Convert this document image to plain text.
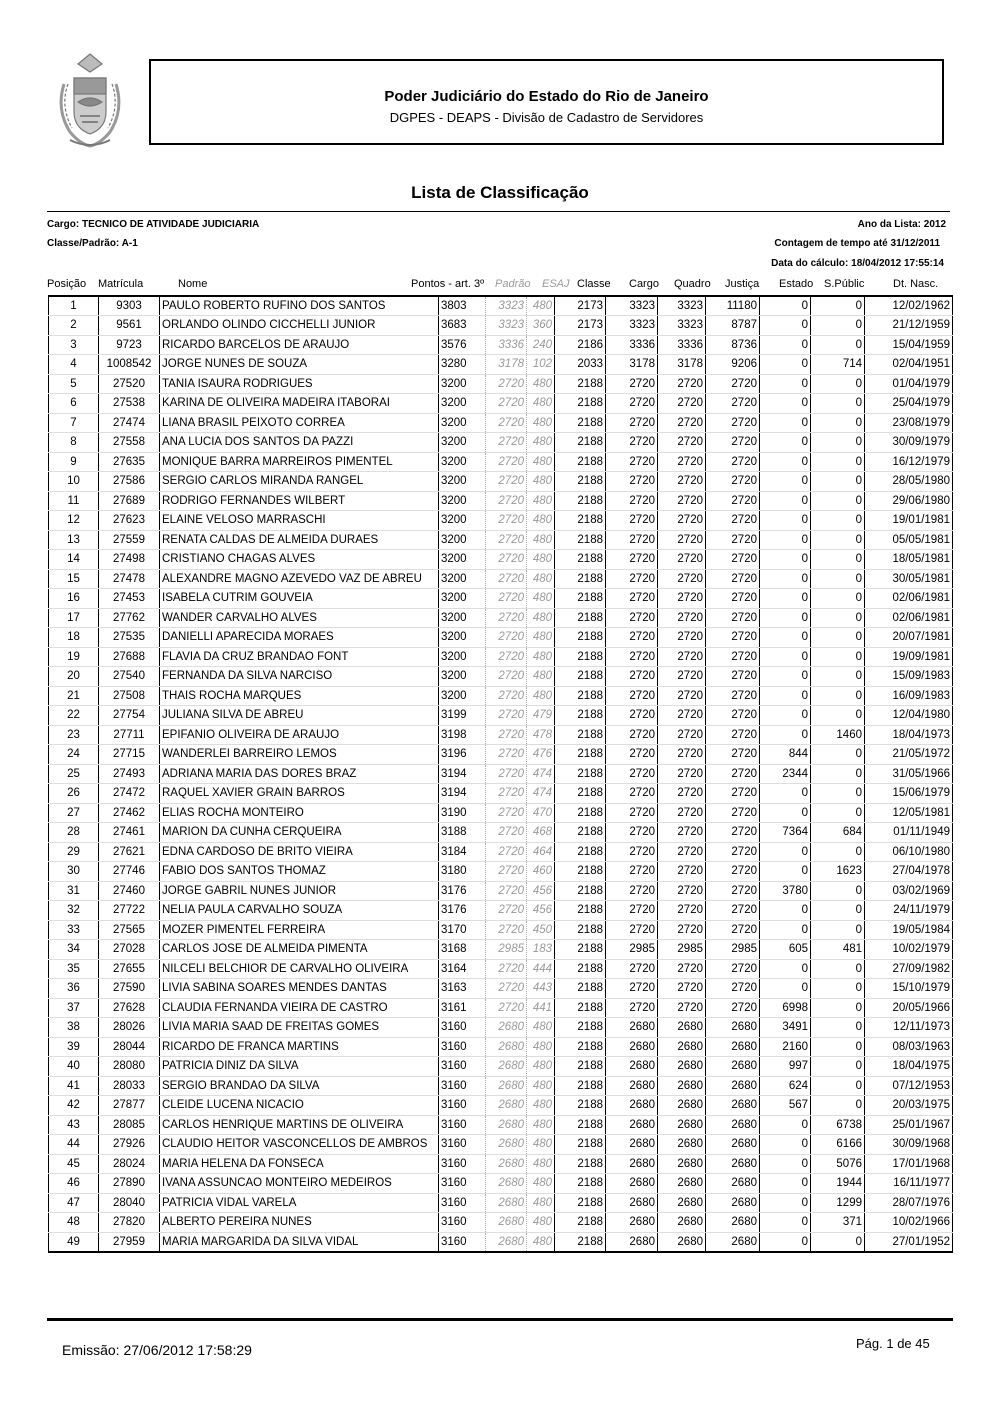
Poder Judiciário do Estado do Rio de Janeiro
DGPES - DEAPS - Divisão de Cadastro de Servidores
Lista de Classificação
Cargo: TECNICO DE ATIVIDADE JUDICIARIA
Classe/Padrão: A-1
Ano da Lista: 2012
Contagem de tempo até 31/12/2011
Data do cálculo: 18/04/2012 17:55:14
Posição Matrícula	Nome	Pontos - art. 3º Padrão ESAJ Classe Cargo Quadro Justiça Estado S.Públic	Dt. Nasc.
1	9303	PAULO ROBERTO RUFINO DOS SANTOS	3803	3323	480	2173	3323	3323	11180	0	0	12/02/1962
2	9561	ORLANDO OLINDO CICCHELLI JUNIOR	3683	3323	360	2173	3323	3323	8787	0	0	21/12/1959
3	9723	RICARDO BARCELOS DE ARAUJO	3576	3336	240	2186	3336	3336	8736	0	0	15/04/1959
4	1008542	JORGE NUNES DE SOUZA	3280	3178	102	2033	3178	3178	9206	0	714	02/04/1951
5	27520	TANIA ISAURA RODRIGUES	3200	2720	480	2188	2720	2720	2720	0	0	01/04/1979
6	27538	KARINA DE OLIVEIRA MADEIRA ITABORAI	3200	2720	480	2188	2720	2720	2720	0	0	25/04/1979
7	27474	LIANA BRASIL PEIXOTO CORREA	3200	2720	480	2188	2720	2720	2720	0	0	23/08/1979
8	27558	ANA LUCIA DOS SANTOS DA PAZZI	3200	2720	480	2188	2720	2720	2720	0	0	30/09/1979
9	27635	MONIQUE BARRA MARREIROS PIMENTEL	3200	2720	480	2188	2720	2720	2720	0	0	16/12/1979
10	27586	SERGIO CARLOS MIRANDA RANGEL	3200	2720	480	2188	2720	2720	2720	0	0	28/05/1980
11	27689	RODRIGO FERNANDES WILBERT	3200	2720	480	2188	2720	2720	2720	0	0	29/06/1980
12	27623	ELAINE VELOSO MARRASCHI	3200	2720	480	2188	2720	2720	2720	0	0	19/01/1981
13	27559	RENATA CALDAS DE ALMEIDA DURAES	3200	2720	480	2188	2720	2720	2720	0	0	05/05/1981
14	27498	CRISTIANO CHAGAS ALVES	3200	2720	480	2188	2720	2720	2720	0	0	18/05/1981
15	27478	ALEXANDRE MAGNO AZEVEDO VAZ DE ABREU	3200	2720	480	2188	2720	2720	2720	0	0	30/05/1981
16	27453	ISABELA CUTRIM GOUVEIA	3200	2720	480	2188	2720	2720	2720	0	0	02/06/1981
17	27762	WANDER CARVALHO ALVES	3200	2720	480	2188	2720	2720	2720	0	0	02/06/1981
18	27535	DANIELLI APARECIDA MORAES	3200	2720	480	2188	2720	2720	2720	0	0	20/07/1981
19	27688	FLAVIA DA CRUZ BRANDAO FONT	3200	2720	480	2188	2720	2720	2720	0	0	19/09/1981
20	27540	FERNANDA DA SILVA NARCISO	3200	2720	480	2188	2720	2720	2720	0	0	15/09/1983
21	27508	THAIS ROCHA MARQUES	3200	2720	480	2188	2720	2720	2720	0	0	16/09/1983
22	27754	JULIANA SILVA DE ABREU	3199	2720	479	2188	2720	2720	2720	0	0	12/04/1980
23	27711	EPIFANIO OLIVEIRA DE ARAUJO	3198	2720	478	2188	2720	2720	2720	0	1460	18/04/1973
24	27715	WANDERLEI BARREIRO LEMOS	3196	2720	476	2188	2720	2720	2720	844	0	21/05/1972
25	27493	ADRIANA MARIA DAS DORES BRAZ	3194	2720	474	2188	2720	2720	2720	2344	0	31/05/1966
26	27472	RAQUEL XAVIER GRAIN BARROS	3194	2720	474	2188	2720	2720	2720	0	0	15/06/1979
27	27462	ELIAS ROCHA MONTEIRO	3190	2720	470	2188	2720	2720	2720	0	0	12/05/1981
28	27461	MARION DA CUNHA CERQUEIRA	3188	2720	468	2188	2720	2720	2720	7364	684	01/11/1949
29	27621	EDNA CARDOSO DE BRITO VIEIRA	3184	2720	464	2188	2720	2720	2720	0	0	06/10/1980
30	27746	FABIO DOS SANTOS THOMAZ	3180	2720	460	2188	2720	2720	2720	0	1623	27/04/1978
31	27460	JORGE GABRIL NUNES JUNIOR	3176	2720	456	2188	2720	2720	2720	3780	0	03/02/1969
32	27722	NELIA PAULA CARVALHO SOUZA	3176	2720	456	2188	2720	2720	2720	0	0	24/11/1979
33	27565	MOZER PIMENTEL FERREIRA	3170	2720	450	2188	2720	2720	2720	0	0	19/05/1984
34	27028	CARLOS JOSE DE ALMEIDA PIMENTA	3168	2985	183	2188	2985	2985	2985	605	481	10/02/1979
35	27655	NILCELI BELCHIOR DE CARVALHO OLIVEIRA	3164	2720	444	2188	2720	2720	2720	0	0	27/09/1982
36	27590	LIVIA SABINA SOARES MENDES DANTAS	3163	2720	443	2188	2720	2720	2720	0	0	15/10/1979
37	27628	CLAUDIA FERNANDA VIEIRA DE CASTRO	3161	2720	441	2188	2720	2720	2720	6998	0	20/05/1966
38	28026	LIVIA MARIA SAAD DE FREITAS GOMES	3160	2680	480	2188	2680	2680	2680	3491	0	12/11/1973
39	28044	RICARDO DE FRANCA MARTINS	3160	2680	480	2188	2680	2680	2680	2160	0	08/03/1963
40	28080	PATRICIA DINIZ DA SILVA	3160	2680	480	2188	2680	2680	2680	997	0	18/04/1975
41	28033	SERGIO BRANDAO DA SILVA	3160	2680	480	2188	2680	2680	2680	624	0	07/12/1953
42	27877	CLEIDE LUCENA NICACIO	3160	2680	480	2188	2680	2680	2680	567	0	20/03/1975
43	28085	CARLOS HENRIQUE MARTINS DE OLIVEIRA	3160	2680	480	2188	2680	2680	2680	0	6738	25/01/1967
44	27926	CLAUDIO HEITOR VASCONCELLOS DE AMBROS	3160	2680	480	2188	2680	2680	2680	0	6166	30/09/1968
45	28024	MARIA HELENA DA FONSECA	3160	2680	480	2188	2680	2680	2680	0	5076	17/01/1968
46	27890	IVANA ASSUNCAO MONTEIRO MEDEIROS	3160	2680	480	2188	2680	2680	2680	0	1944	16/11/1977
47	28040	PATRICIA VIDAL VARELA	3160	2680	480	2188	2680	2680	2680	0	1299	28/07/1976
48	27820	ALBERTO PEREIRA NUNES	3160	2680	480	2188	2680	2680	2680	0	371	10/02/1966
49	27959	MARIA MARGARIDA DA SILVA VIDAL	3160	2680	480	2188	2680	2680	2680	0	0	27/01/1952
Emissão: 27/06/2012 17:58:29	Pág. 1 de 45
